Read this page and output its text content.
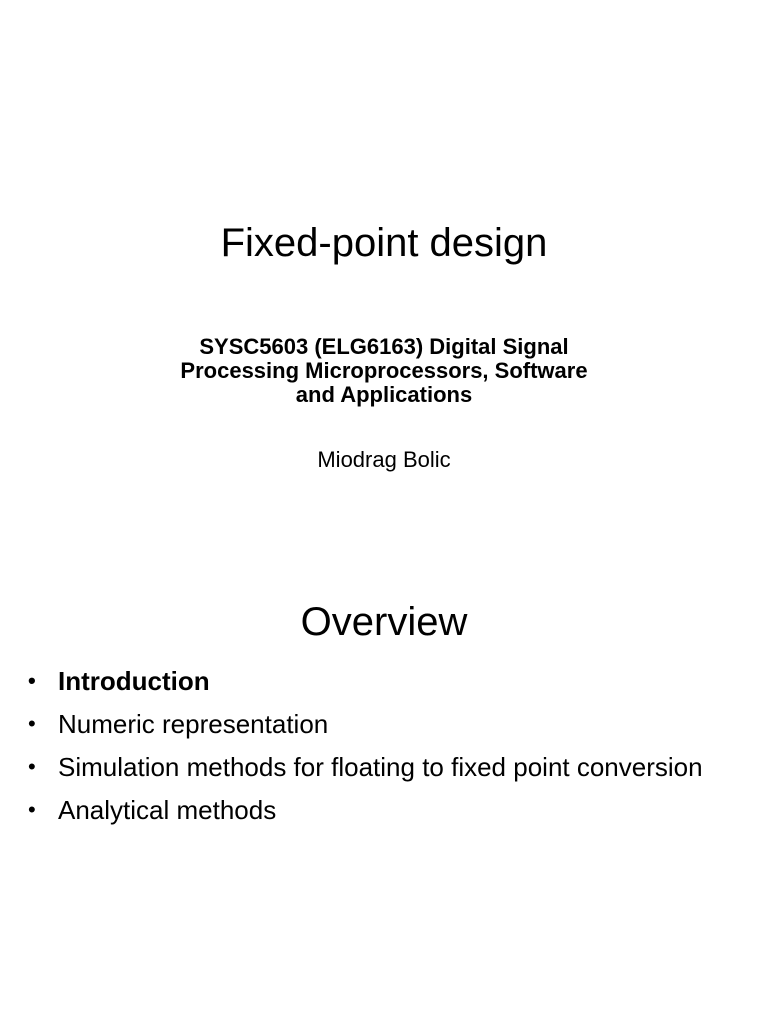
Fixed-point design
SYSC5603 (ELG6163) Digital Signal
Processing Microprocessors, Software
and Applications
Miodrag Bolic
Overview
• Introduction
• Numeric representation
• Simulation methods for floating to fixed point conversion
• Analytical methods
